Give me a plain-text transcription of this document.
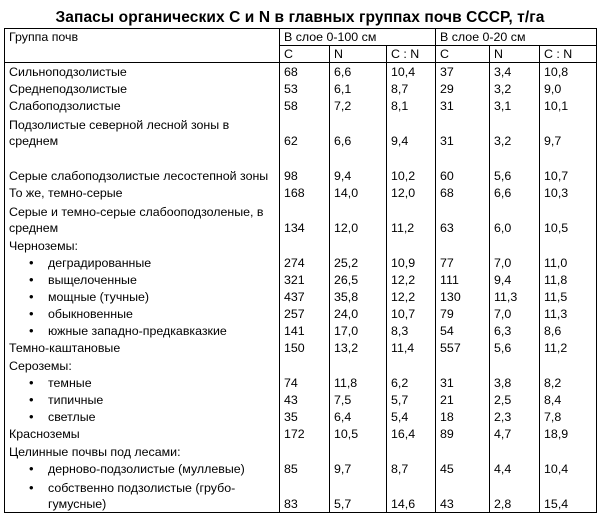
Запасы органических С и N в главных группах почв СССР, т/га
Группа почв	В слое 0-100 см			В слое 0-20 см		
	С	N	C : N	С	N	C : N
Сильноподзолистые	68	6,6	10,4	37	3,4	10,8
Среднеподзолистые	53	6,1	8,7	29	3,2	9,0
Слабоподзолистые	58	7,2	8,1	31	3,1	10,1
Подзолистые северной лесной зоны в среднем	62	6,6	9,4	31	3,2	9,7
Серые слабоподзолистые лесостепной зоны	98	9,4	10,2	60	5,6	10,7
То же, темно-серые	168	14,0	12,0	68	6,6	10,3
Серые и темно-серые слабооподзоленые, в среднем	134	12,0	11,2	63	6,0	10,5
Черноземы:						

•
деградированные	274	25,2	10,9	77	7,0	11,0

•
выщелоченные	321	26,5	12,2	111	9,4	11,8

•
мощные (тучные)	437	35,8	12,2	130	11,3	11,5

•
обыкновенные	257	24,0	10,7	79	7,0	11,3

•
южные западно-предкавказкие	141	17,0	8,3	54	6,3	8,6
Темно-каштановые	150	13,2	11,4	557	5,6	11,2
Сероземы:						

•
темные	74	11,8	6,2	31	3,8	8,2

•
типичные	43	7,5	5,7	21	2,5	8,4

•
светлые	35	6,4	5,4	18	2,3	7,8
Красноземы	172	10,5	16,4	89	4,7	18,9
Целинные почвы под лесами:						

•
дерново-подзолистые (муллевые)	85	9,7	8,7	45	4,4	10,4

•
собственно подзолистые (грубо-гумусные)	83	5,7	14,6	43	2,8	15,4
